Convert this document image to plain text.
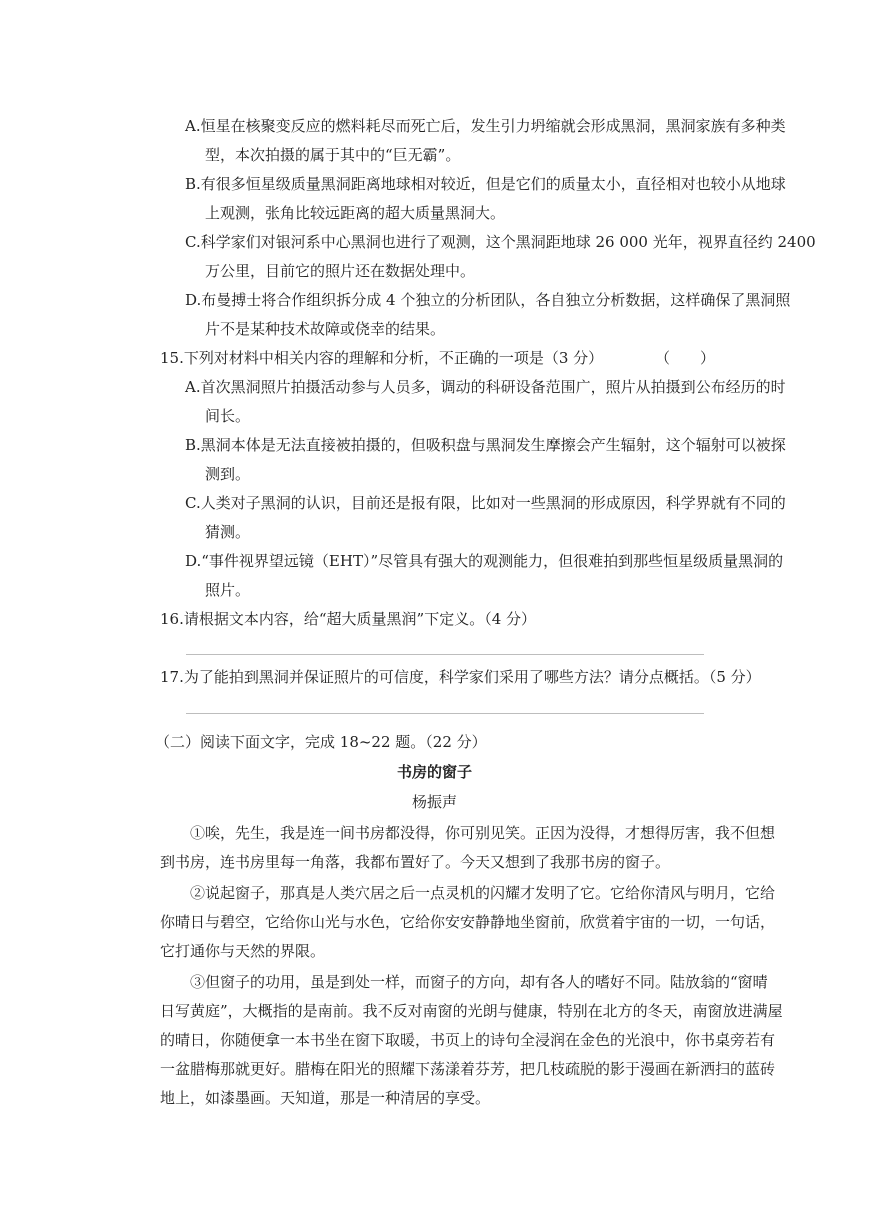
A.恒星在核聚变反应的燃料耗尽而死亡后，发生引力坍缩就会形成黑洞，黑洞家族有多种类
型，本次拍摄的属于其中的“巨无霸”。
B.有很多恒星级质量黑洞距离地球相对较近，但是它们的质量太小，直径相对也较小从地球
上观测，张角比较远距离的超大质量黑洞大。
C.科学家们对银河系中心黑洞也进行了观测，这个黑洞距地球 26 000 光年，视界直径约 2400
万公里，目前它的照片还在数据处理中。
D.布曼搏士将合作组织拆分成 4 个独立的分析团队，各自独立分析数据，这样确保了黑洞照
片不是某种技术故障或侥幸的结果。
15.下列对材料中相关内容的理解和分析，不正确的一项是（3 分）	（　　）
A.首次黑洞照片拍摄活动参与人员多，调动的科研设备范围广，照片从拍摄到公布经历的时
间长。
B.黑洞本体是无法直接被拍摄的，但吸积盘与黑洞发生摩擦会产生辐射，这个辐射可以被探
测到。
C.人类对子黑洞的认识，目前还是报有限，比如对一些黑洞的形成原因，科学界就有不同的
猜测。
D.“事件视界望远镜（EHT）”尽管具有强大的观测能力，但很难拍到那些恒星级质量黑洞的
照片。
16.请根据文本内容，给“超大质量黑润”下定义。（4 分）
17.为了能拍到黑洞并保证照片的可信度，科学家们采用了哪些方法？请分点概括。（5 分）
（二）阅读下面文字，完成 18~22 题。（22 分）
书房的窗子
杨振声
①唉，先生，我是连一间书房都没得，你可别见笑。正因为没得，才想得厉害，我不但想
到书房，连书房里每一角落，我都布置好了。今天又想到了我那书房的窗子。
②说起窗子，那真是人类穴居之后一点灵机的闪耀才发明了它。它给你清风与明月，它给
你晴日与碧空，它给你山光与水色，它给你安安静静地坐窗前，欣赏着宇宙的一切，一句话，
它打通你与天然的界限。
③但窗子的功用，虽是到处一样，而窗子的方向，却有各人的嗜好不同。陆放翁的“窗晴
日写黄庭”，大概指的是南前。我不反对南窗的光朗与健康，特别在北方的冬天，南窗放进满屋
的晴日，你随便拿一本书坐在窗下取暖，书页上的诗句全浸润在金色的光浪中，你书桌旁若有
一盆腊梅那就更好。腊梅在阳光的照耀下荡漾着芬芳，把几枝疏脱的影于漫画在新洒扫的蓝砖
地上，如漆墨画。天知道，那是一种清居的享受。
